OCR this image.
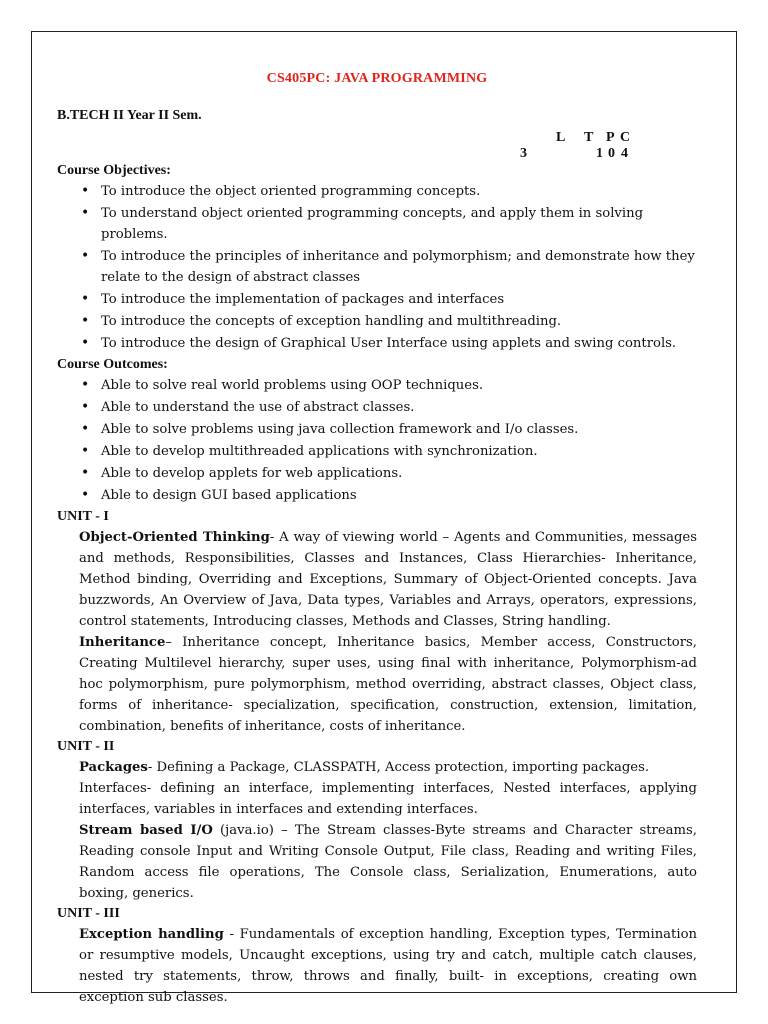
CS405PC: JAVA PROGRAMMING
B.TECH II Year II Sem.
L T P C
3	1 0 4
Course Objectives:
• To introduce the object oriented programming concepts.
• To understand object oriented programming concepts, and apply them in solving problems.
• To introduce the principles of inheritance and polymorphism; and demonstrate how they relate to the design of abstract classes
• To introduce the implementation of packages and interfaces
• To introduce the concepts of exception handling and multithreading.
• To introduce the design of Graphical User Interface using applets and swing controls.
Course Outcomes:
• Able to solve real world problems using OOP techniques.
• Able to understand the use of abstract classes.
• Able to solve problems using java collection framework and I/o classes.
• Able to develop multithreaded applications with synchronization.
• Able to develop applets for web applications.
• Able to design GUI based applications
UNIT - I

Object-Oriented Thinking- A way of viewing world – Agents and Communities, messages and methods, Responsibilities, Classes and Instances, Class Hierarchies- Inheritance, Method binding, Overriding and Exceptions, Summary of Object-Oriented concepts. Java buzzwords, An Overview of Java, Data types, Variables and Arrays, operators, expressions, control statements, Introducing classes, Methods and Classes, String handling.

Inheritance– Inheritance concept, Inheritance basics, Member access, Constructors, Creating Multilevel hierarchy, super uses, using final with inheritance, Polymorphism-ad hoc polymorphism, pure polymorphism, method overriding, abstract classes, Object class, forms of inheritance- specialization, specification, construction, extension, limitation, combination, benefits of inheritance, costs of inheritance.

UNIT - II

Packages- Defining a Package, CLASSPATH, Access protection, importing packages.

Interfaces- defining an interface, implementing interfaces, Nested interfaces, applying interfaces, variables in interfaces and extending interfaces.

Stream based I/O (java.io) – The Stream classes-Byte streams and Character streams, Reading console Input and Writing Console Output, File class, Reading and writing Files, Random access file operations, The Console class, Serialization, Enumerations, auto boxing, generics.

UNIT - III

Exception handling - Fundamentals of exception handling, Exception types, Termination or resumptive models, Uncaught exceptions, using try and catch, multiple catch clauses, nested try statements, throw, throws and finally, built- in exceptions, creating own exception sub classes.
